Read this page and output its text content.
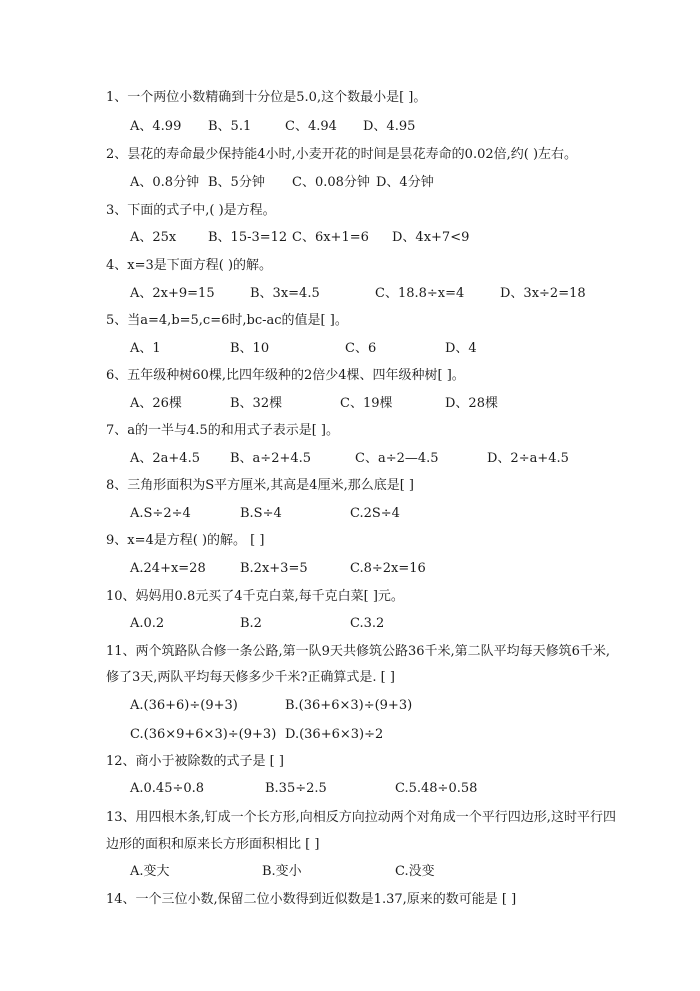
1、一个两位小数精确到十分位是5.0,这个数最小是[ ]。
A、4.99 B、5.1	C、4.94 D、4.95
2、昙花的寿命最少保持能4小时,小麦开花的时间是昙花寿命的0.02倍,约( )左右。
A、0.8分钟 B、5分钟 C、0.08分钟 D、4分钟
3、下面的式子中,( )是方程。
A、25x B、15-3=12 C、6x+1=6 D、4x+7<9
4、x=3是下面方程( )的解。
A、2x+9=15	B、3x=4.5	C、18.8÷x=4	D、3x÷2=18
5、当a=4,b=5,c=6时,bc-ac的值是[ ]。
A、1	B、10	C、6	D、4
6、五年级种树60棵,比四年级种的2倍少4棵、四年级种树[ ]。
A、26棵	B、32棵	C、19棵	D、28棵
7、a的一半与4.5的和用式子表示是[ ]。
A、2a+4.5 B、a÷2+4.5	C、a÷2—4.5	D、2÷a+4.5
8、三角形面积为S平方厘米,其高是4厘米,那么底是[ ]
A.S÷2÷4	B.S÷4	C.2S÷4
9、x=4是方程( )的解。 [ ]
A.24+x=28	B.2x+3=5	C.8÷2x=16
10、妈妈用0.8元买了4千克白菜,每千克白菜[ ]元。
A.0.2	B.2	C.3.2
11、两个筑路队合修一条公路,第一队9天共修筑公路36千米,第二队平均每天修筑6千米,
修了3天,两队平均每天修多少千米?正确算式是. [ ]
A.(36+6)÷(9+3)	B.(36+6×3)÷(9+3)
C.(36×9+6×3)÷(9+3) D.(36+6×3)÷2
12、商小于被除数的式子是 [ ]
A.0.45÷0.8	B.35÷2.5	C.5.48÷0.58
13、用四根木条,钉成一个长方形,向相反方向拉动两个对角成一个平行四边形,这时平行四
边形的面积和原来长方形面积相比 [ ]
A.变大	B.变小	C.没变
14、一个三位小数,保留二位小数得到近似数是1.37,原来的数可能是 [ ]
